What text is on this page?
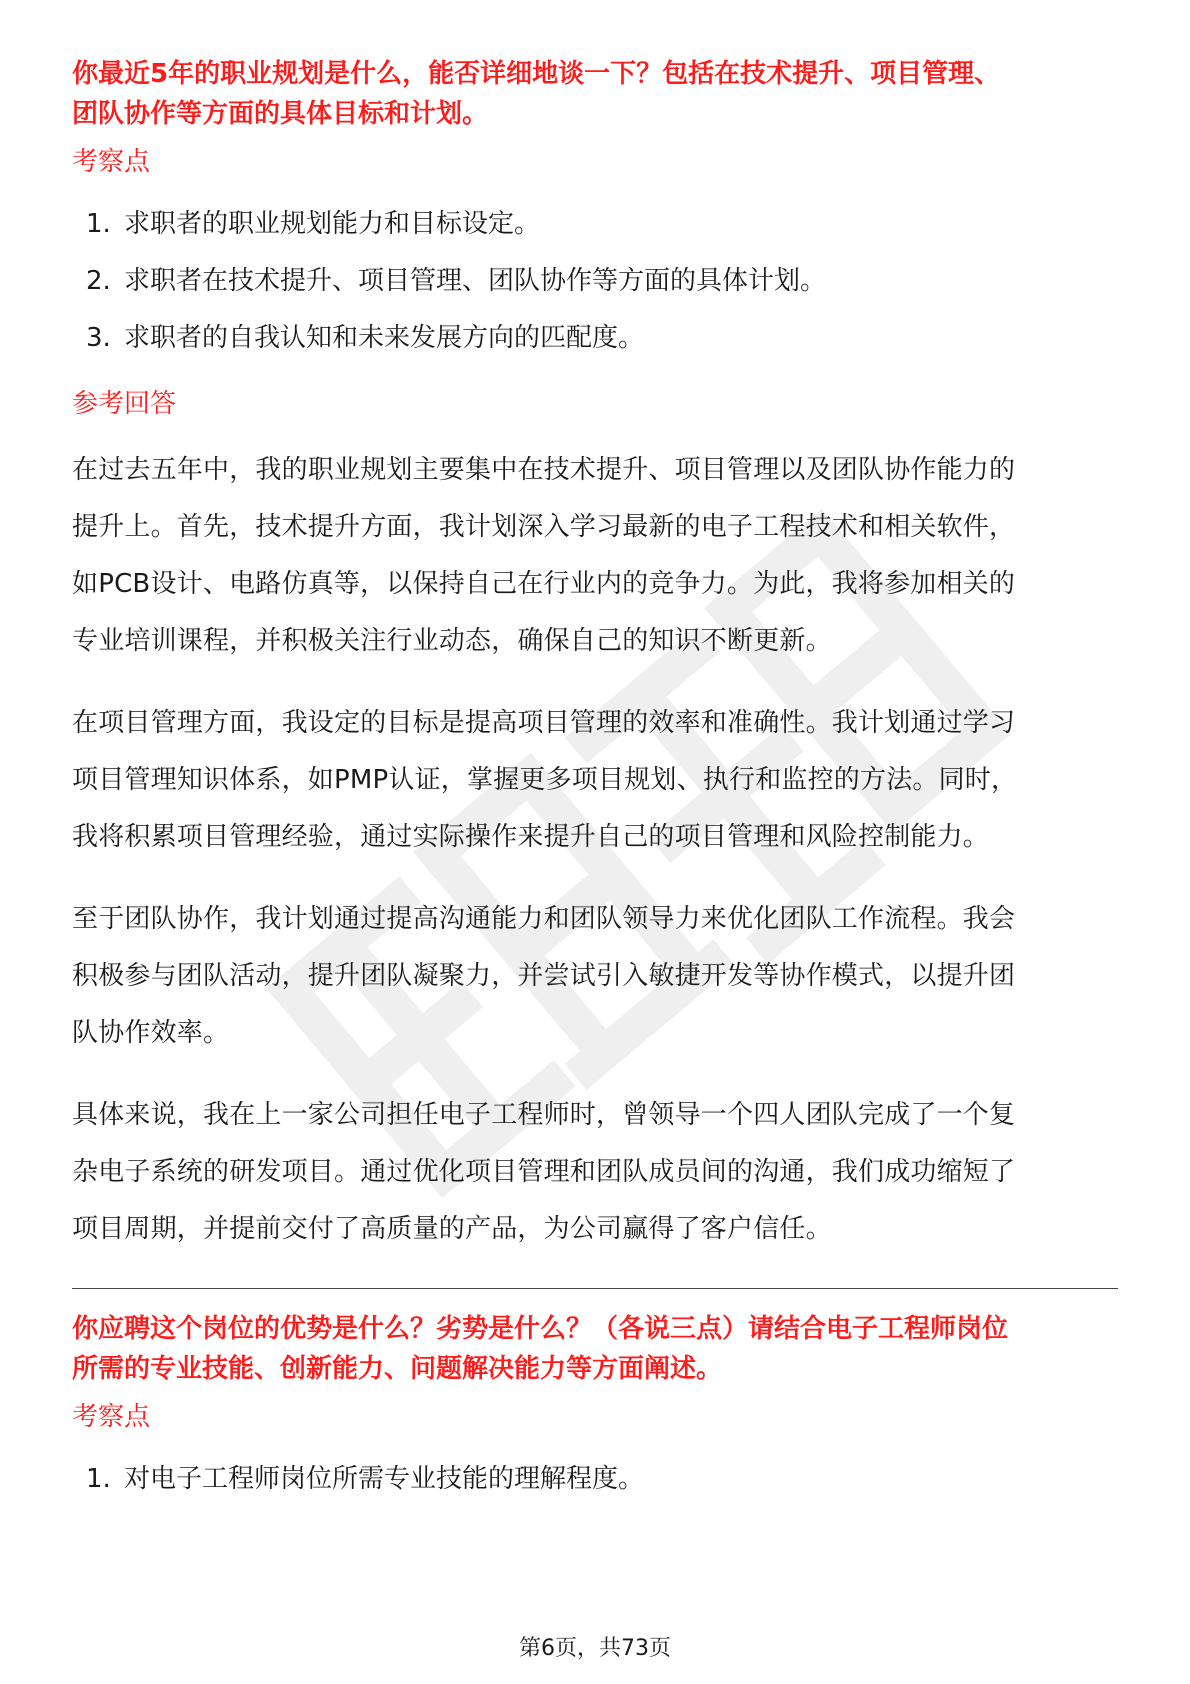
你最近5年的职业规划是什么，能否详细地谈一下？包括在技术提升、项目管理、

团队协作等方面的具体目标和计划。

考察点

1. 求职者的职业规划能力和目标设定。
2. 求职者在技术提升、项目管理、团队协作等方面的具体计划。
3. 求职者的自我认知和未来发展方向的匹配度。

参考回答

在过去五年中，我的职业规划主要集中在技术提升、项目管理以及团队协作能力的

提升上。首先，技术提升方面，我计划深入学习最新的电子工程技术和相关软件，

如PCB设计、电路仿真等，以保持自己在行业内的竞争力。为此，我将参加相关的

专业培训课程，并积极关注行业动态，确保自己的知识不断更新。

在项目管理方面，我设定的目标是提高项目管理的效率和准确性。我计划通过学习

项目管理知识体系，如PMP认证，掌握更多项目规划、执行和监控的方法。同时，

我将积累项目管理经验，通过实际操作来提升自己的项目管理和风险控制能力。

至于团队协作，我计划通过提高沟通能力和团队领导力来优化团队工作流程。我会

积极参与团队活动，提升团队凝聚力，并尝试引入敏捷开发等协作模式，以提升团

队协作效率。

具体来说，我在上一家公司担任电子工程师时，曾领导一个四人团队完成了一个复

杂电子系统的研发项目。通过优化项目管理和团队成员间的沟通，我们成功缩短了

项目周期，并提前交付了高质量的产品，为公司赢得了客户信任。

你应聘这个岗位的优势是什么？劣势是什么？（各说三点）请结合电子工程师岗位

所需的专业技能、创新能力、问题解决能力等方面阐述。

考察点

1. 对电子工程师岗位所需专业技能的理解程度。
第6页，共73页
